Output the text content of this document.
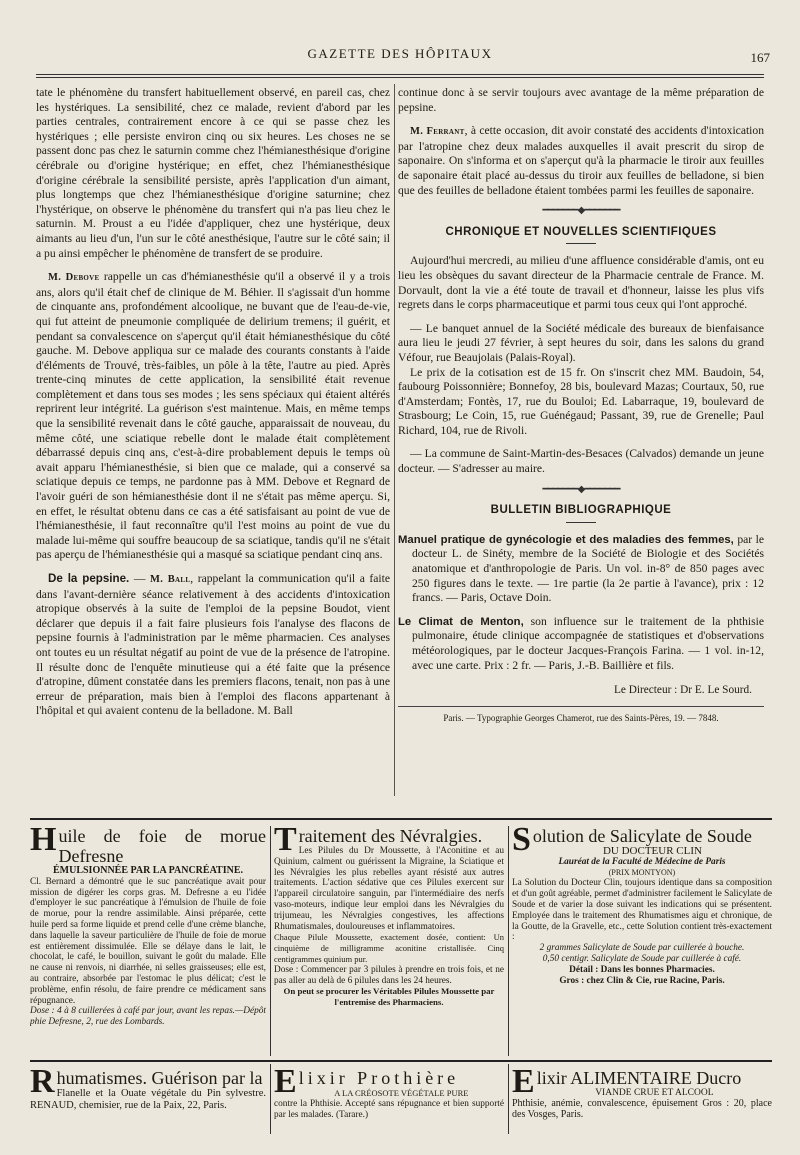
GAZETTE DES HÔPITAUX	167

tate le phénomène du transfert habituellement observé, en pareil cas, chez les hystériques. La sensibilité, chez ce malade, revient d'abord par les parties centrales, contrairement encore à ce qui se passe chez les hystériques ; elle persiste environ cinq ou six heures. Les choses ne se passent donc pas chez le saturnin comme chez l'hémianesthésique d'origine cérébrale ou d'origine hystérique; en effet, chez l'hémianesthésique d'origine cérébrale la sensibilité persiste, après l'application d'un aimant, plus longtemps que chez l'hémianesthésique d'origine saturnine; chez l'hystérique, on observe le phénomène du transfert qui n'a pas lieu chez le saturnin. M. Proust a eu l'idée d'appliquer, chez une hystérique, deux aimants au lieu d'un, l'un sur le côté anesthésique, l'autre sur le côté sain; il a pu ainsi empêcher le phénomène de transfert de se produire.

M. Debove rappelle un cas d'hémianesthésie qu'il a observé il y a trois ans, alors qu'il était chef de clinique de M. Béhier. Il s'agissait d'un homme de cinquante ans, profondément alcoolique, ne buvant que de l'eau-de-vie, qui fut atteint de pneumonie compliquée de delirium tremens; il guérit, et pendant sa convalescence on s'aperçut qu'il était hémianesthésique du côté gauche. M. Debove appliqua sur ce malade des courants constants à l'aide d'éléments de Trouvé, très-faibles, un pôle à la tête, l'autre au pied. Après trente-cinq minutes de cette application, la sensibilité était revenue complètement et dans tous ses modes ; les sens spéciaux qui étaient altérés reprirent leur intégrité. La guérison s'est maintenue. Mais, en même temps que la sensibilité revenait dans le côté gauche, apparaissait de nouveau, du même côté, une sciatique rebelle dont le malade était complètement débarrassé depuis cinq ans, c'est-à-dire probablement depuis le temps où avait apparu l'hémianesthésie, si bien que ce malade, qui a conservé sa sciatique depuis ce temps, ne pardonne pas à MM. Debove et Regnard de l'avoir guéri de son hémianesthésie dont il ne s'était pas même aperçu. Si, en effet, le résultat obtenu dans ce cas a été satisfaisant au point de vue de l'hémianesthésie, il faut reconnaître qu'il l'est moins au point de vue du malade lui-même qui souffre beaucoup de sa sciatique, tandis qu'il ne s'était pas aperçu de l'hémianesthésie qui a masqué sa sciatique pendant cinq ans.

De la pepsine. — M. Ball, rappelant la communication qu'il a faite dans l'avant-dernière séance relativement à des accidents d'intoxication atropique observés à la suite de l'emploi de la pepsine Boudot, vient déclarer que depuis il a fait faire plusieurs fois l'analyse des flacons de pepsine fournis à l'administration par le même pharmacien. Ces analyses ont toutes eu un résultat négatif au point de vue de la présence de l'atropine. Il résulte donc de l'enquête minutieuse qui a été faite que la présence d'atropine, dûment constatée dans les premiers flacons, tenait, non pas à une erreur de préparation, mais bien à l'emploi des flacons appartenant à l'hôpital et qui avaient contenu de la belladone. M. Ball

continue donc à se servir toujours avec avantage de la même préparation de pepsine.

M. Ferrant, à cette occasion, dit avoir constaté des accidents d'intoxication par l'atropine chez deux malades auxquelles il avait prescrit du sirop de saponaire. On s'informa et on s'aperçut qu'à la pharmacie le tiroir aux feuilles de saponaire était placé au-dessus du tiroir aux feuilles de belladone, si bien que des feuilles de belladone étaient tombées parmi les feuilles de saponaire.

━━━━━━━◆━━━━━━━
CHRONIQUE ET NOUVELLES SCIENTIFIQUES

Aujourd'hui mercredi, au milieu d'une affluence considérable d'amis, ont eu lieu les obsèques du savant directeur de la Pharmacie centrale de France. M. Dorvault, dont la vie a été toute de travail et d'honneur, laisse les plus vifs regrets dans le corps pharmaceutique et parmi tous ceux qui l'ont approché.

— Le banquet annuel de la Société médicale des bureaux de bienfaisance aura lieu le jeudi 27 février, à sept heures du soir, dans les salons du grand Véfour, rue Beaujolais (Palais-Royal).

Le prix de la cotisation est de 15 fr. On s'inscrit chez MM. Baudoin, 54, faubourg Poissonnière; Bonnefoy, 28 bis, boulevard Mazas; Courtaux, 50, rue d'Amsterdam; Fontès, 17, rue du Bouloi; Ed. Labarraque, 19, boulevard de Strasbourg; Le Coin, 15, rue Guénégaud; Passant, 39, rue de Grenelle; Paul Richard, 104, rue de Rivoli.

— La commune de Saint-Martin-des-Besaces (Calvados) demande un jeune docteur. — S'adresser au maire.

━━━━━━━◆━━━━━━━
BULLETIN BIBLIOGRAPHIQUE

Manuel pratique de gynécologie et des maladies des femmes, par le docteur L. de Sinéty, membre de la Société de Biologie et des Sociétés anatomique et d'anthropologie de Paris. Un vol. in-8° de 850 pages avec 250 figures dans le texte. — 1re partie (la 2e partie à l'avance), prix : 12 francs. — Paris, Octave Doin.

Le Climat de Menton, son influence sur le traitement de la phthisie pulmonaire, étude clinique accompagnée de statistiques et d'observations météorologiques, par le docteur Jacques-François Farina. — 1 vol. in-12, avec une carte. Prix : 2 fr. — Paris, J.-B. Baillière et fils.

Le Directeur : Dr E. Le Sourd.
Paris. — Typographie Georges Chamerot, rue des Saints-Pères, 19. — 7848.
Huile de foie de morue Defresne
ÉMULSIONNÉE PAR LA PANCRÉATINE.

Cl. Bernard a démontré que le suc pancréatique avait pour mission de digérer les corps gras. M. Defresne a eu l'idée d'employer le suc pancréatique à l'émulsion de l'huile de foie de morue, pour la rendre assimilable. Ainsi préparée, cette huile perd sa forme liquide et prend celle d'une crème blanche, dans laquelle la saveur particulière de l'huile de foie de morue est entièrement dissimulée. Elle se délaye dans le lait, le chocolat, le café, le bouillon, suivant le goût du malade. Elle ne cause ni renvois, ni diarrhée, ni selles graisseuses; elle est, au contraire, absorbée par l'estomac le plus délicat; c'est le problème, enfin résolu, de faire prendre ce médicament sans répugnance.

Dose : 4 à 8 cuillerées à café par jour, avant les repas.—Dépôt phie Defresne, 2, rue des Lombards.

Traitement des Névralgies.

Les Pilules du Dr Moussette, à l'Aconitine et au Quinium, calment ou guérissent la Migraine, la Sciatique et les Névralgies les plus rebelles ayant résisté aux autres traitements. L'action sédative que ces Pilules exercent sur l'appareil circulatoire sanguin, par l'intermédiaire des nerfs vaso-moteurs, indique leur emploi dans les Névralgies du trijumeau, les Névralgies congestives, les affections Rhumatismales, douloureuses et inflammatoires.

Chaque Pilule Moussette, exactement dosée, contient: Un cinquième de milligramme aconitine cristallisée. Cinq centigrammes quinium pur.

Dose : Commencer par 3 pilules à prendre en trois fois, et ne pas aller au delà de 6 pilules dans les 24 heures.

On peut se procurer les Véritables Pilules Moussette par l'entremise des Pharmaciens.

Solution de Salicylate de Soude
DU DOCTEUR CLIN
Lauréat de la Faculté de Médecine de Paris
(PRIX MONTYON)

La Solution du Docteur Clin, toujours identique dans sa composition et d'un goût agréable, permet d'administrer facilement le Salicylate de Soude et de varier la dose suivant les indications qui se présentent. Employée dans le traitement des Rhumatismes aigu et chronique, de la Goutte, de la Gravelle, etc., cette Solution contient très-exactement :

2 grammes Salicylate de Soude par cuillerée à bouche.

0,50 centigr. Salicylate de Soude par cuillerée à café.

Détail : Dans les bonnes Pharmacies.

Gros : chez Clin & Cie, rue Racine, Paris.

Rhumatismes. Guérison par la

Flanelle et la Ouate végétale du Pin sylvestre. RENAUD, chemisier, rue de la Paix, 22, Paris.

Elixir Prothière
A LA CRÉOSOTE VÉGÉTALE PURE

contre la Phthisie. Accepté sans répugnance et bien supporté par les malades. (Tarare.)

Elixir ALIMENTAIRE Ducro
VIANDE CRUE ET ALCOOL

Phthisie, anémie, convalescence, épuisement Gros : 20, place des Vosges, Paris.
